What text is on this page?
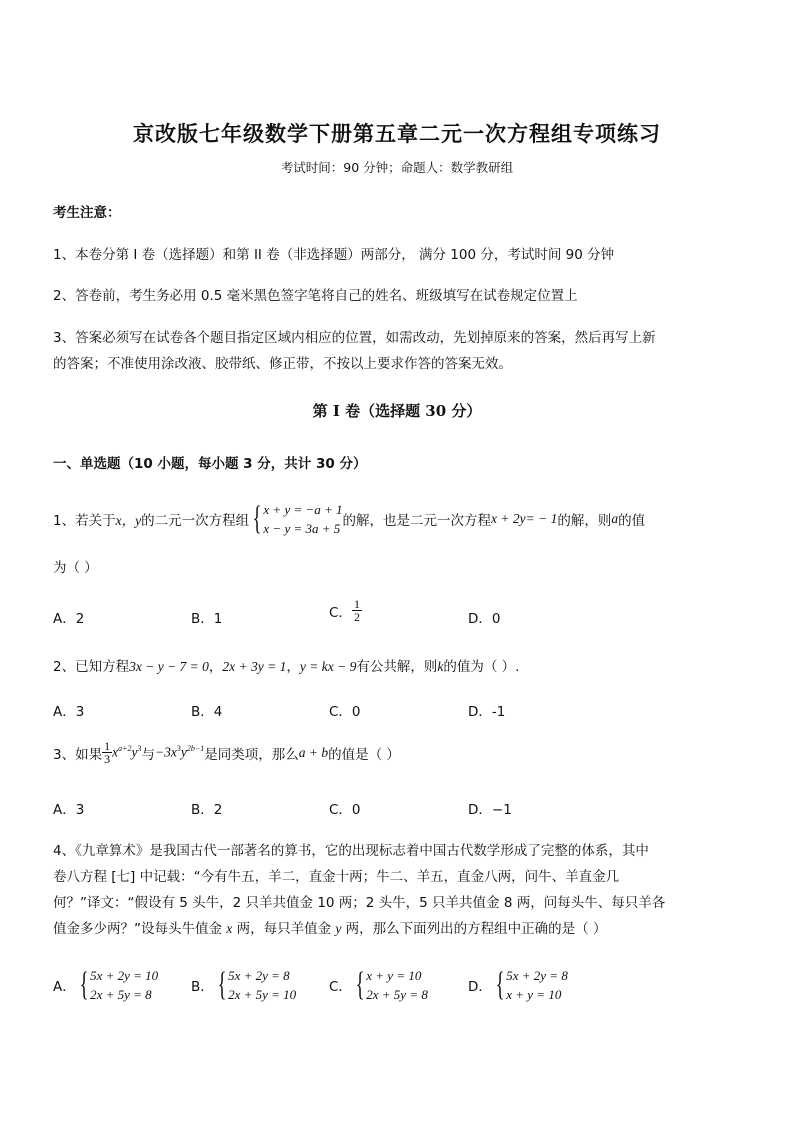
京改版七年级数学下册第五章二元一次方程组专项练习
考试时间：90 分钟；命题人：数学教研组
考生注意：
1、本卷分第 I 卷（选择题）和第 II 卷（非选择题）两部分， 满分 100 分，考试时间 90 分钟
2、答卷前，考生务必用 0.5 毫米黑色签字笔将自己的姓名、班级填写在试卷规定位置上
3、答案必须写在试卷各个题目指定区域内相应的位置，如需改动，先划掉原来的答案，然后再写上新
的答案；不准使用涂改液、胶带纸、修正带，不按以上要求作答的答案无效。
第 I 卷（选择题 30 分）
一、单选题（10 小题，每小题 3 分，共计 30 分）
1、若关于 x，y 的二元一次方程组 { x + y = −a + 1
x − y = 3a + 5 的解，也是二元一次方程 x + 2y= − 1 的解，则 a 的值
为（ ）
A．2	B．1	C． $\frac{1}{2}$	D．0
2、已知方程 3x − y − 7 = 0 ， 2x + 3y = 1 ， y = kx − 9 有公共解，则 k 的值为（ ）.
A．3	B．4	C．0	D．-1
3、如果 $\frac{1}{3} x^{a+2}y^3$ 与 $-3x^3y^{2b-1}$ 是同类项，那么 a + b 的值是（ ）
A．3	B．2	C．0	D．−1
4、《九章算术》是我国古代一部著名的算书，它的出现标志着中国古代数学形成了完整的体系，其中
卷八方程 [七] 中记载：“今有牛五，羊二，直金十两；牛二、羊五，直金八两，问牛、羊直金几
何？”译文：“假设有 5 头牛，2 只羊共值金 10 两；2 头牛，5 只羊共值金 8 两，问每头牛、每只羊各
值金多少两？”设每头牛值金 x 两，每只羊值金 y 两，那么下面列出的方程组中正确的是（ ）
A． { 5x + 2y = 10
2x + 5y = 8	B． { 5x + 2y = 8
2x + 5y = 10 C． { x + y = 10
2x + 5y = 8	D． { 5x + 2y = 8
x + y = 10
